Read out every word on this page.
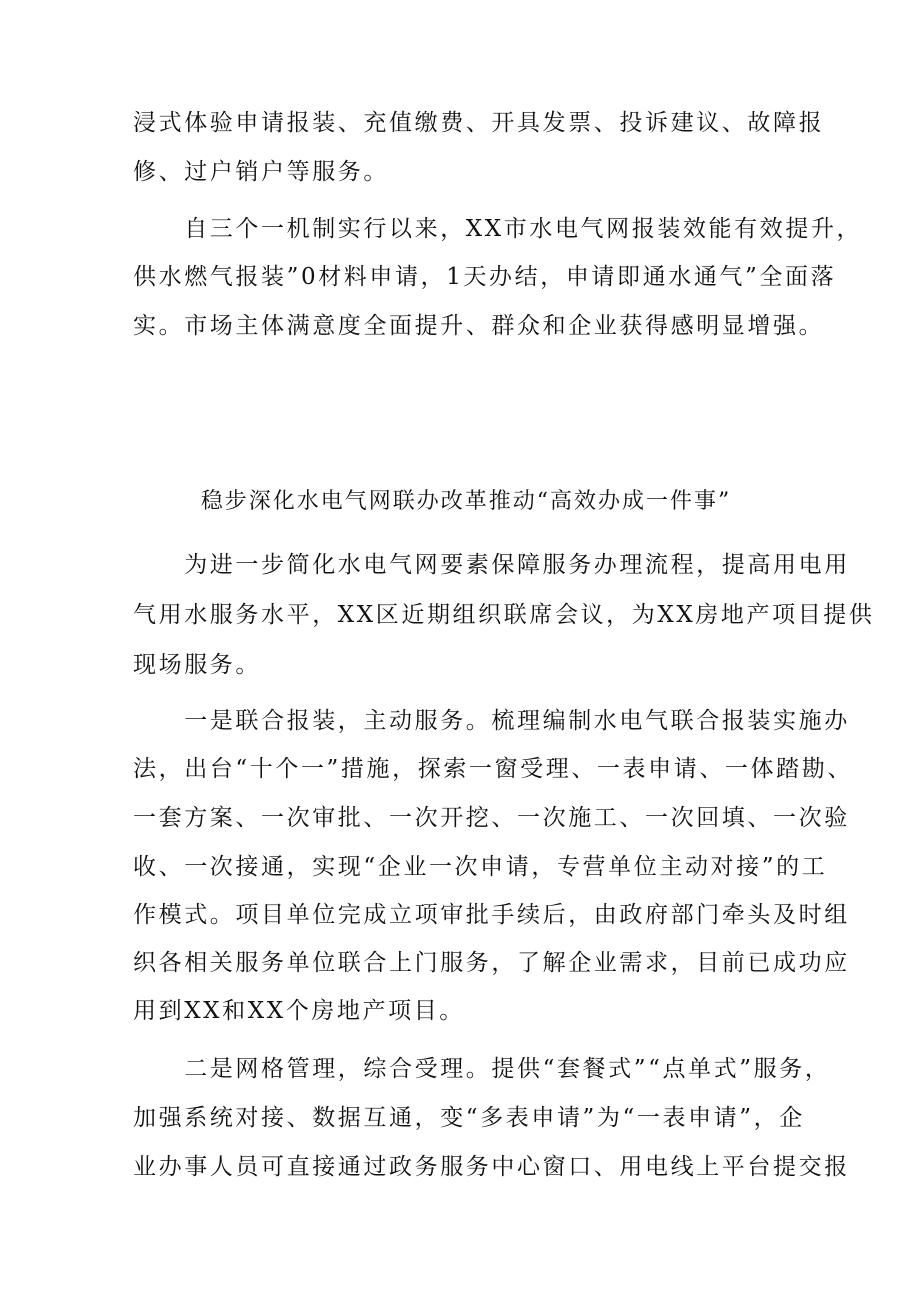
浸式体验申请报装、充值缴费、开具发票、投诉建议、故障报
修、过户销户等服务。
　　自三个一机制实行以来，XX市水电气网报装效能有效提升，
供水燃气报装”0材料申请，1天办结，申请即通水通气”全面落
实。市场主体满意度全面提升、群众和企业获得感明显增强。
稳步深化水电气网联办改革推动“高效办成一件事”
　　为进一步简化水电气网要素保障服务办理流程，提高用电用
气用水服务水平，XX区近期组织联席会议，为XX房地产项目提供
现场服务。
　　一是联合报装，主动服务。梳理编制水电气联合报装实施办
法，出台“十个一”措施，探索一窗受理、一表申请、一体踏勘、
一套方案、一次审批、一次开挖、一次施工、一次回填、一次验
收、一次接通，实现“企业一次申请，专营单位主动对接”的工
作模式。项目单位完成立项审批手续后，由政府部门牵头及时组
织各相关服务单位联合上门服务，了解企业需求，目前已成功应
用到XX和XX个房地产项目。
　　二是网格管理，综合受理。提供“套餐式”“点单式”服务，
加强系统对接、数据互通，变“多表申请”为“一表申请”，企
业办事人员可直接通过政务服务中心窗口、用电线上平台提交报
